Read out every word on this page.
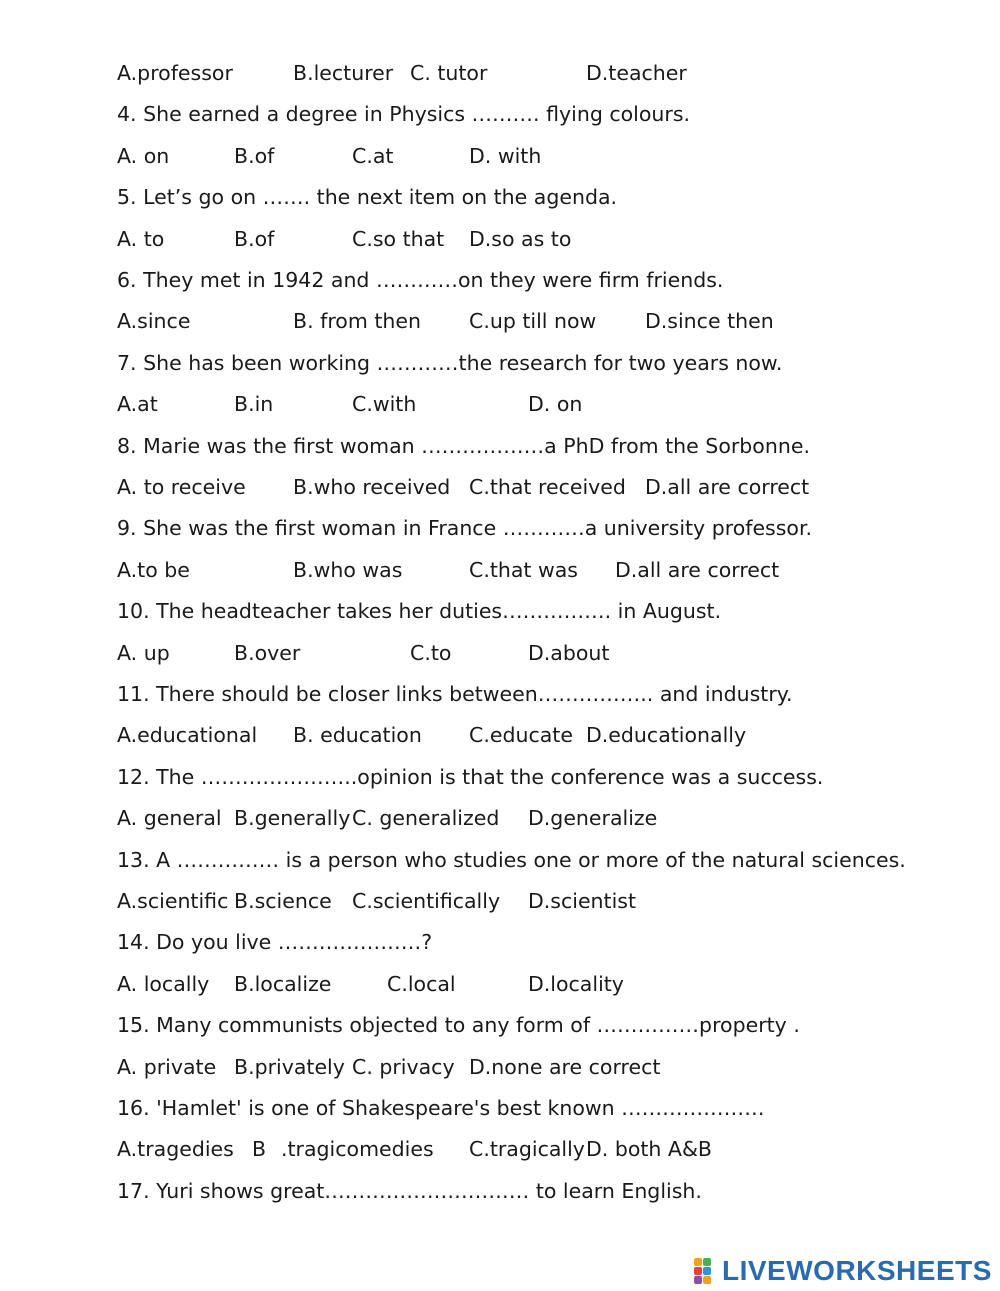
A.professor	B.lecturer C. tutor	D.teacher
4. She earned a degree in Physics ………. flying colours.
A. on	B.of	C.at	D. with
5. Let’s go on ……. the next item on the agenda.
A. to	B.of	C.so that D.so as to
6. They met in 1942 and …………on they were firm friends.
A.since	B. from then C.up till now D.since then
7. She has been working …………the research for two years now.
A.at	B.in	C.with	D. on
8. Marie was the first woman ………………a PhD from the Sorbonne.
A. to receive B.who received C.that received D.all are correct
9. She was the first woman in France …………a university professor.
A.to be	B.who was	C.that was D.all are correct
10. The headteacher takes her duties……………. in August.
A. up	B.over	C.to	D.about
11. There should be closer links between…………….. and industry.
A.educational B. education C.educate D.educationally
12. The …………………..opinion is that the conference was a success.
A. general B.generally C. generalized D.generalize
13. A …………… is a person who studies one or more of the natural sciences.
A.scientific B.science C.scientifically D.scientist
14. Do you live …………………?
A. locally B.localize	C.local	D.locality
15. Many communists objected to any form of ……………property .
A. private B.privately C. privacy D.none are correct
16. 'Hamlet' is one of Shakespeare's best known …………………
A.tragedies B .tragicomedies C.tragically D. both A&B
17. Yuri shows great………………………… to learn English.
LIVEWORKSHEETS
